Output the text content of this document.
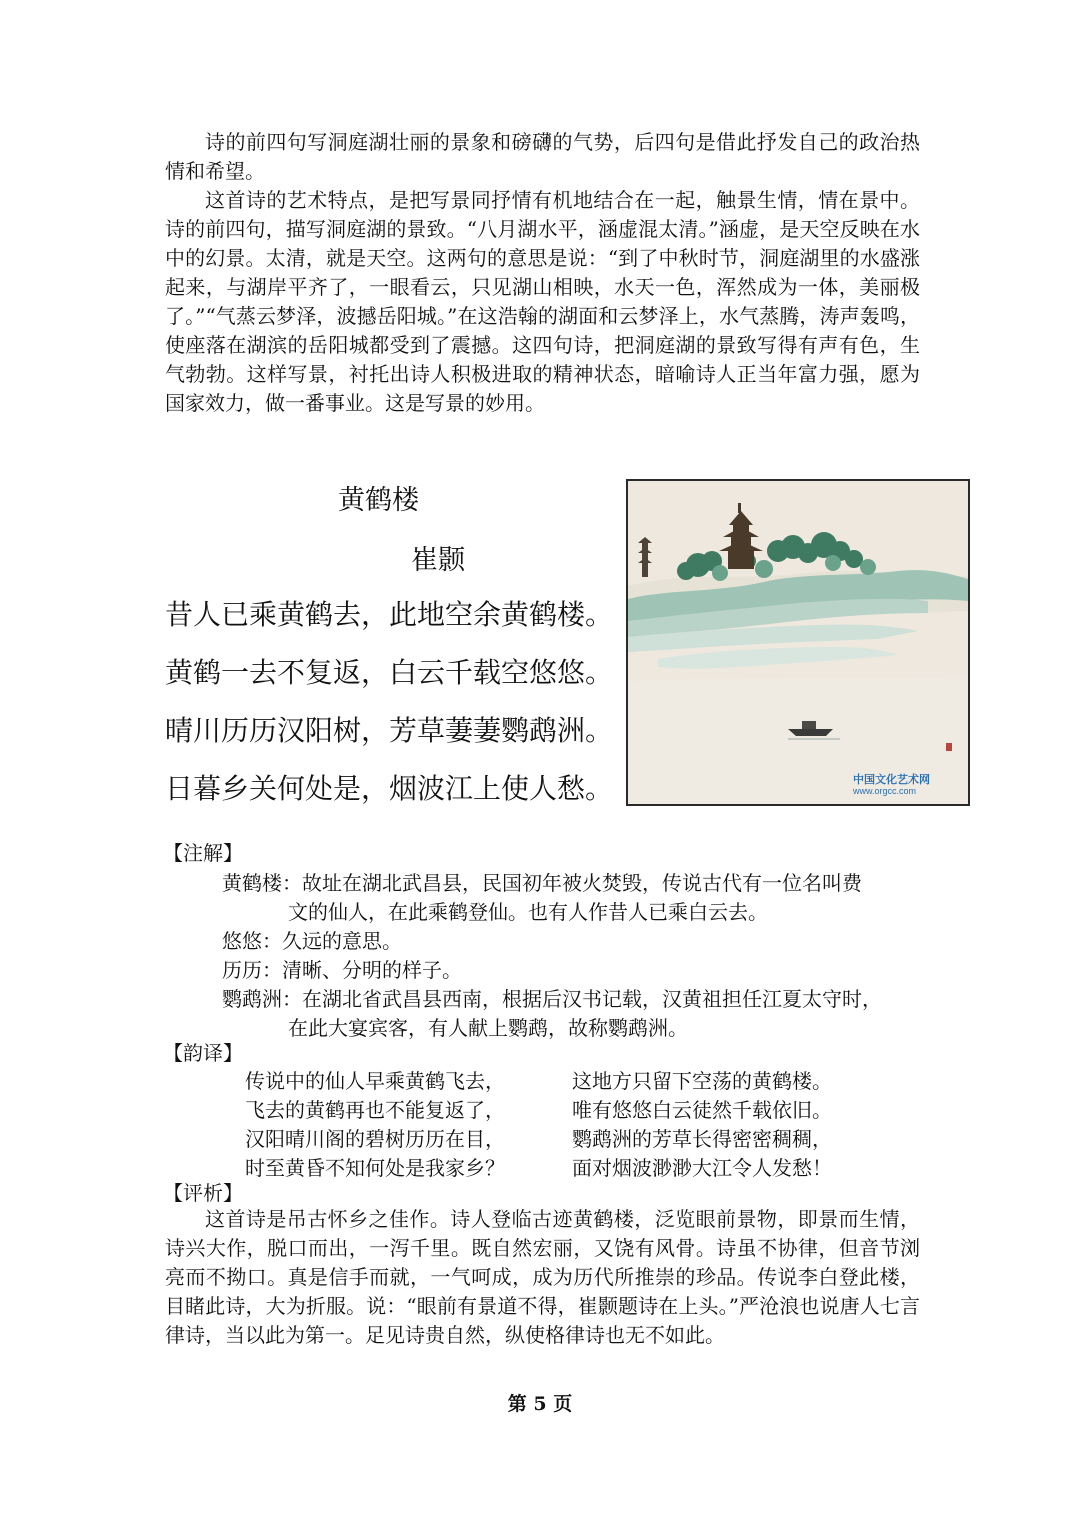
诗的前四句写洞庭湖壮丽的景象和磅礴的气势，后四句是借此抒发自己的政治热情和希望。

这首诗的艺术特点，是把写景同抒情有机地结合在一起，触景生情，情在景中。诗的前四句，描写洞庭湖的景致。“八月湖水平，涵虚混太清。”涵虚，是天空反映在水中的幻景。太清，就是天空。这两句的意思是说：“到了中秋时节，洞庭湖里的水盛涨起来，与湖岸平齐了，一眼看云，只见湖山相映，水天一色，浑然成为一体，美丽极了。”“气蒸云梦泽，波撼岳阳城。”在这浩翰的湖面和云梦泽上，水气蒸腾，涛声轰鸣，使座落在湖滨的岳阳城都受到了震撼。这四句诗，把洞庭湖的景致写得有声有色，生气勃勃。这样写景，衬托出诗人积极进取的精神状态，暗喻诗人正当年富力强，愿为国家效力，做一番事业。这是写景的妙用。

黄鹤楼
崔颢
昔人已乘黄鹤去，此地空余黄鹤楼。
黄鹤一去不复返，白云千载空悠悠。
晴川历历汉阳树，芳草萋萋鹦鹉洲。
日暮乡关何处是，烟波江上使人愁。	中国文化艺术网
www.orgcc.com
【注解】
黄鹤楼：故址在湖北武昌县，民国初年被火焚毁，传说古代有一位名叫费
文的仙人，在此乘鹤登仙。也有人作昔人已乘白云去。
悠悠：久远的意思。
历历：清晰、分明的样子。
鹦鹉洲：在湖北省武昌县西南，根据后汉书记载，汉黄祖担任江夏太守时，
在此大宴宾客，有人献上鹦鹉，故称鹦鹉洲。
【韵译】
传说中的仙人早乘黄鹤飞去，
飞去的黄鹤再也不能复返了，
汉阳晴川阁的碧树历历在目，
时至黄昏不知何处是我家乡？
这地方只留下空荡的黄鹤楼。
唯有悠悠白云徒然千载依旧。
鹦鹉洲的芳草长得密密稠稠，
面对烟波渺渺大江令人发愁！
【评析】

这首诗是吊古怀乡之佳作。诗人登临古迹黄鹤楼，泛览眼前景物，即景而生情，诗兴大作，脱口而出，一泻千里。既自然宏丽，又饶有风骨。诗虽不协律，但音节浏亮而不拗口。真是信手而就，一气呵成，成为历代所推崇的珍品。传说李白登此楼，目睹此诗，大为折服。说：“眼前有景道不得，崔颢题诗在上头。”严沧浪也说唐人七言律诗，当以此为第一。足见诗贵自然，纵使格律诗也无不如此。

第 5 页
